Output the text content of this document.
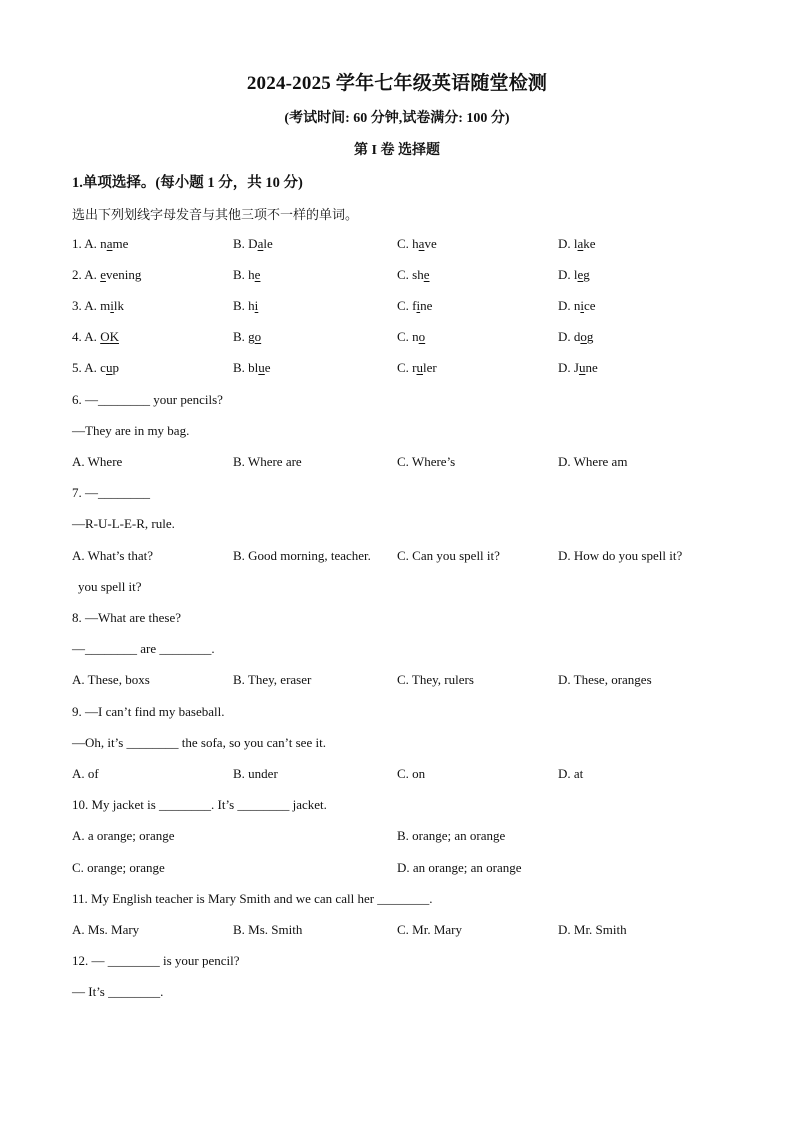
2024-2025 学年七年级英语随堂检测
(考试时间: 60 分钟,试卷满分: 100 分)
第 I 卷 选择题
1.单项选择。(每小题 1 分，共 10 分)
选出下列划线字母发音与其他三项不一样的单词。
1. A. name	B. Dale	C. have	D. lake
2. A. evening	B. he	C. she	D. leg
3. A. milk	B. hi	C. fine	D. nice
4. A. OK	B. go	C. no	D. dog
5. A. cup	B. blue	C. ruler	D. June
6. —________ your pencils?
—They are in my bag.
A. Where	B. Where are	C. Where’s	D. Where am
7. —________
—R-U-L-E-R, rule.
A. What’s that?	B. Good morning, teacher. C. Can you spell it?	D. How do you spell it?
you spell it?
8. —What are these?
—________ are ________.
A. These, boxs	B. They, eraser	C. They, rulers	D. These, oranges
9. —I can’t find my baseball.
—Oh, it’s ________ the sofa, so you can’t see it.
A. of	B. under	C. on	D. at
10. My jacket is ________. It’s ________ jacket.
A. a orange; orange	B. orange; an orange
C. orange; orange	D. an orange; an orange
11. My English teacher is Mary Smith and we can call her ________.
A. Ms. Mary	B. Ms. Smith	C. Mr. Mary	D. Mr. Smith
12. — ________ is your pencil?
— It’s ________.
